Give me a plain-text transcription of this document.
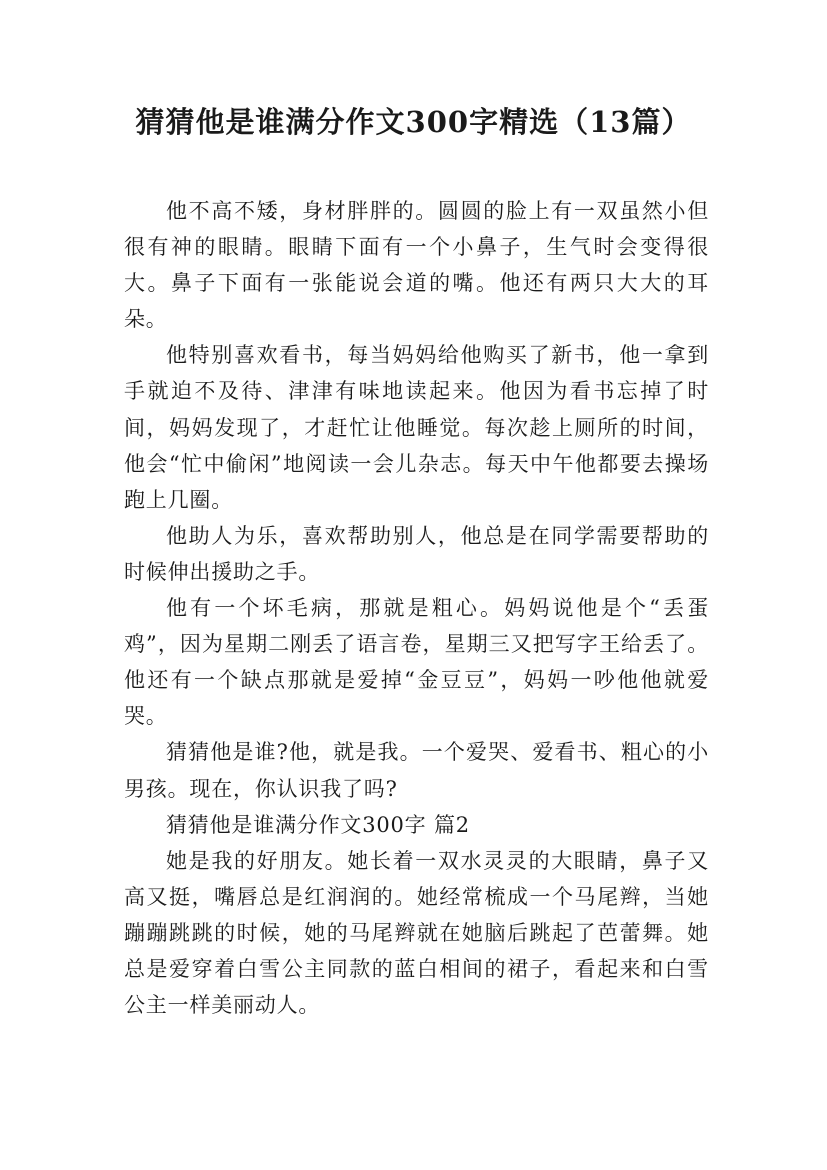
猜猜他是谁满分作文300字精选（13篇）

他不高不矮，身材胖胖的。圆圆的脸上有一双虽然小但很有神的眼睛。眼睛下面有一个小鼻子，生气时会变得很大。鼻子下面有一张能说会道的嘴。他还有两只大大的耳朵。

他特别喜欢看书，每当妈妈给他购买了新书，他一拿到手就迫不及待、津津有味地读起来。他因为看书忘掉了时间，妈妈发现了，才赶忙让他睡觉。每次趁上厕所的时间，他会“忙中偷闲”地阅读一会儿杂志。每天中午他都要去操场跑上几圈。

他助人为乐，喜欢帮助别人，他总是在同学需要帮助的时候伸出援助之手。

他有一个坏毛病，那就是粗心。妈妈说他是个“丢蛋鸡”，因为星期二刚丢了语言卷，星期三又把写字王给丢了。他还有一个缺点那就是爱掉“金豆豆”，妈妈一吵他他就爱哭。

猜猜他是谁?他，就是我。一个爱哭、爱看书、粗心的小男孩。现在，你认识我了吗?

猜猜他是谁满分作文300字 篇2

她是我的好朋友。她长着一双水灵灵的大眼睛，鼻子又高又挺，嘴唇总是红润润的。她经常梳成一个马尾辫，当她蹦蹦跳跳的时候，她的马尾辫就在她脑后跳起了芭蕾舞。她总是爱穿着白雪公主同款的蓝白相间的裙子，看起来和白雪公主一样美丽动人。
